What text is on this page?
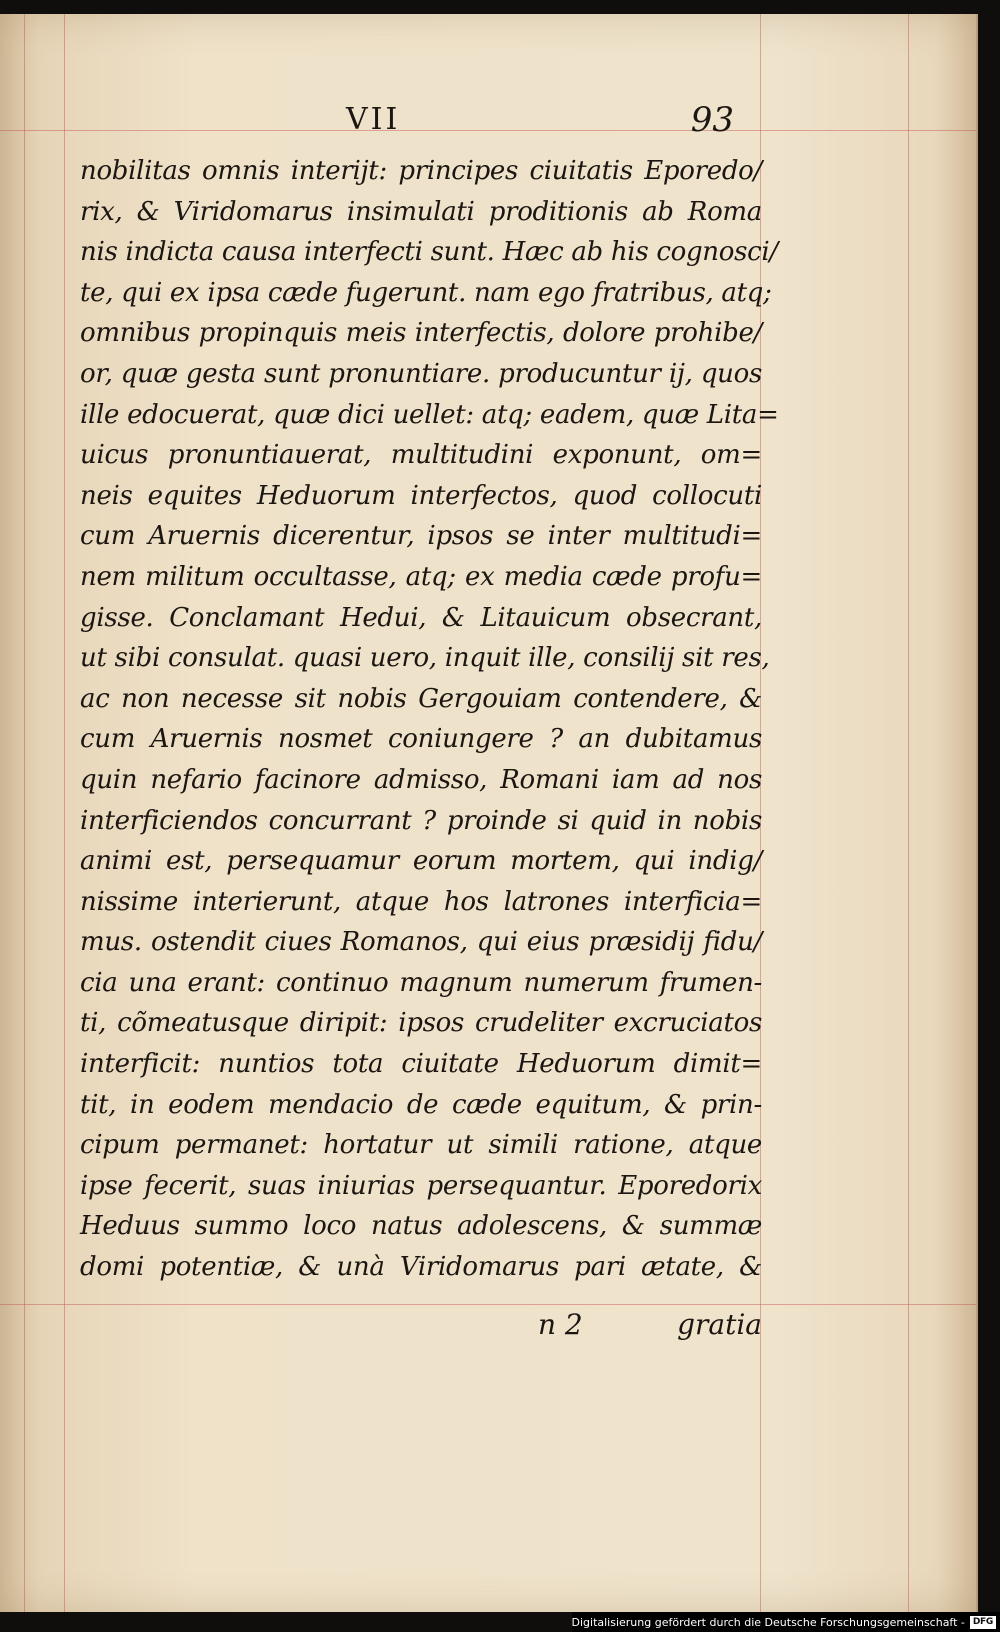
VII	93
nobilitas omnis interijt: principes ciuitatis Eporedo/
rix, & Viridomarus insimulati proditionis ab Roma
nis indicta causa interfecti sunt. Hæc ab his cognosci/
te, qui ex ipsa cæde fugerunt. nam ego fratribus, atq;
omnibus propinquis meis interfectis, dolore prohibe/
or, quæ gesta sunt pronuntiare. producuntur ij, quos
ille edocuerat, quæ dici uellet: atq; eadem, quæ Lita=
uicus pronuntiauerat, multitudini exponunt, om=
neis equites Heduorum interfectos, quod collocuti
cum Aruernis dicerentur, ipsos se inter multitudi=
nem militum occultasse, atq; ex media cæde profu=
gisse. Conclamant Hedui, & Litauicum obsecrant,
ut sibi consulat. quasi uero, inquit ille, consilij sit res,
ac non necesse sit nobis Gergouiam contendere, &
cum Aruernis nosmet coniungere ? an dubitamus
quin nefario facinore admisso, Romani iam ad nos
interficiendos concurrant ? proinde si quid in nobis
animi est, persequamur eorum mortem, qui indig/
nissime interierunt, atque hos latrones interficia=
mus. ostendit ciues Romanos, qui eius præsidij fidu/
cia una erant: continuo magnum numerum frumen-
ti, cõmeatusque diripit: ipsos crudeliter excruciatos
interficit: nuntios tota ciuitate Heduorum dimit=
tit, in eodem mendacio de cæde equitum, & prin-
cipum permanet: hortatur ut simili ratione, atque
ipse fecerit, suas iniurias persequantur. Eporedorix
Heduus summo loco natus adolescens, & summæ
domi potentiæ, & unà Viridomarus pari ætate, &
n 2	gratia
Digitalisierung gefördert durch die Deutsche Forschungsgemeinschaft - DFG
